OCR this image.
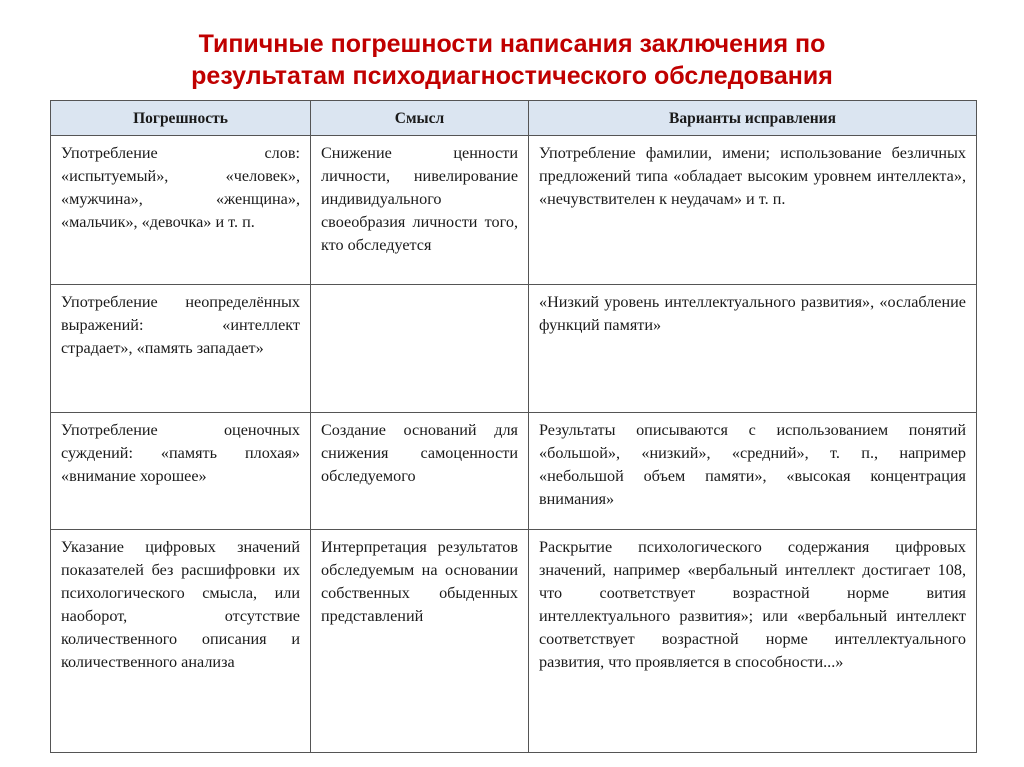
Типичные погрешности написания заключения по
результатам психодиагностического обследования
Погрешность	Смысл	Варианты исправления
Употребление слов: «испытуемый», «человек», «мужчина», «женщина», «мальчик», «девочка» и т. п.	Снижение ценности личности, нивелирование индивидуального своеобразия личности того, кто обследуется	Употребление фамилии, имени; использование безличных предложений типа «обладает высоким уровнем интеллекта», «нечувствителен к неудачам» и т. п.
Употребление неопределённых выражений: «интеллект страдает», «память западает»		«Низкий уровень интеллектуального развития», «ослабление функций памяти»
Употребление оценочных суждений: «память плохая» «внимание хорошее»	Создание оснований для снижения самоценности обследуемого	Результаты описываются с использованием понятий «большой», «низкий», «средний», т. п., например «небольшой объем памяти», «высокая концентрация внимания»
Указание цифровых значений показателей без расшифровки их психологического смысла, или наоборот, отсутствие количественного описания и количественного анализа	Интерпретация результатов обследуемым на основании собственных обыденных представлений	Раскрытие психологического содержания цифровых значений, например «вербальный интеллект достигает 108, что соответствует возрастной норме вития интеллектуального развития»; или «вербальный интеллект соответствует возрастной норме интеллектуального развития, что проявляется в способности...»
